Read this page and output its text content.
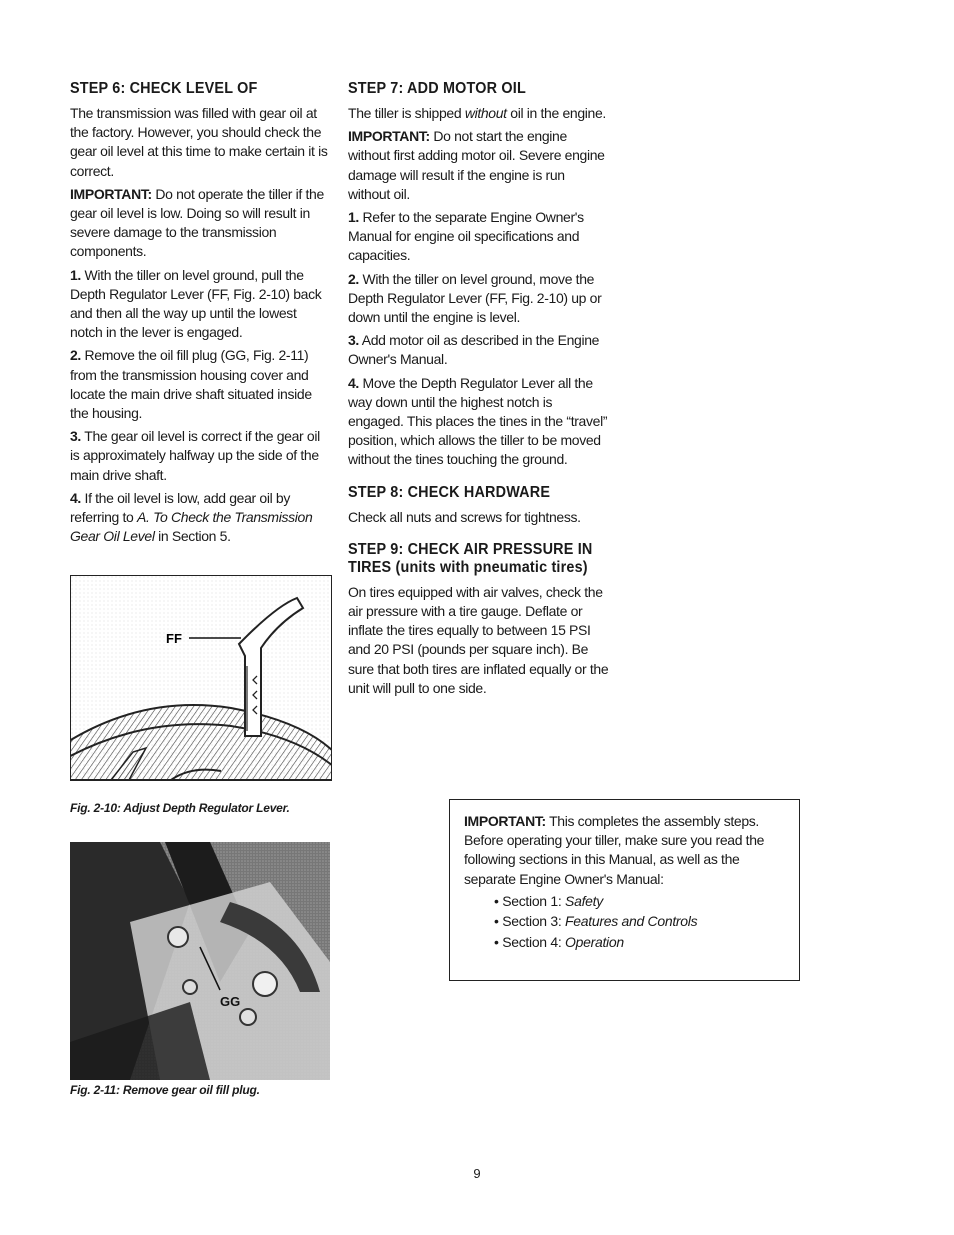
STEP 6: CHECK LEVEL OF

The transmission was filled with gear oil at the factory. However, you should check the gear oil level at this time to make certain it is correct.

IMPORTANT: Do not operate the tiller if the gear oil level is low. Doing so will result in severe damage to the transmission components.

1. With the tiller on level ground, pull the Depth Regulator Lever (FF, Fig. 2-10) back and then all the way up until the lowest notch in the lever is engaged.

2. Remove the oil fill plug (GG, Fig. 2-11) from the transmission housing cover and locate the main drive shaft situated inside the housing.

3. The gear oil level is correct if the gear oil is approximately halfway up the side of the main drive shaft.

4. If the oil level is low, add gear oil by referring to A. To Check the Transmission Gear Oil Level in Section 5.

FF
Fig. 2-10: Adjust Depth Regulator Lever.
GG
Fig. 2-11: Remove gear oil fill plug.
STEP 7: ADD MOTOR OIL

The tiller is shipped without oil in the engine.

IMPORTANT: Do not start the engine without first adding motor oil. Severe engine damage will result if the engine is run without oil.

1. Refer to the separate Engine Owner's Manual for engine oil specifications and capacities.

2. With the tiller on level ground, move the Depth Regulator Lever (FF, Fig. 2-10) up or down until the engine is level.

3. Add motor oil as described in the Engine Owner's Manual.

4. Move the Depth Regulator Lever all the way down until the highest notch is engaged. This places the tines in the “travel” position, which allows the tiller to be moved without the tines touching the ground.

STEP 8: CHECK HARDWARE

Check all nuts and screws for tightness.

STEP 9: CHECK AIR PRESSURE IN
TIRES (units with pneumatic tires)

On tires equipped with air valves, check the air pressure with a tire gauge. Deflate or inflate the tires equally to between 15 PSI and 20 PSI (pounds per square inch). Be sure that both tires are inflated equally or the unit will pull to one side.

IMPORTANT: This completes the assembly steps. Before operating your tiller, make sure you read the following sections in this Manual, as well as the separate Engine Owner's Manual:

• Section 1: Safety
• Section 3: Features and Controls
• Section 4: Operation
9
